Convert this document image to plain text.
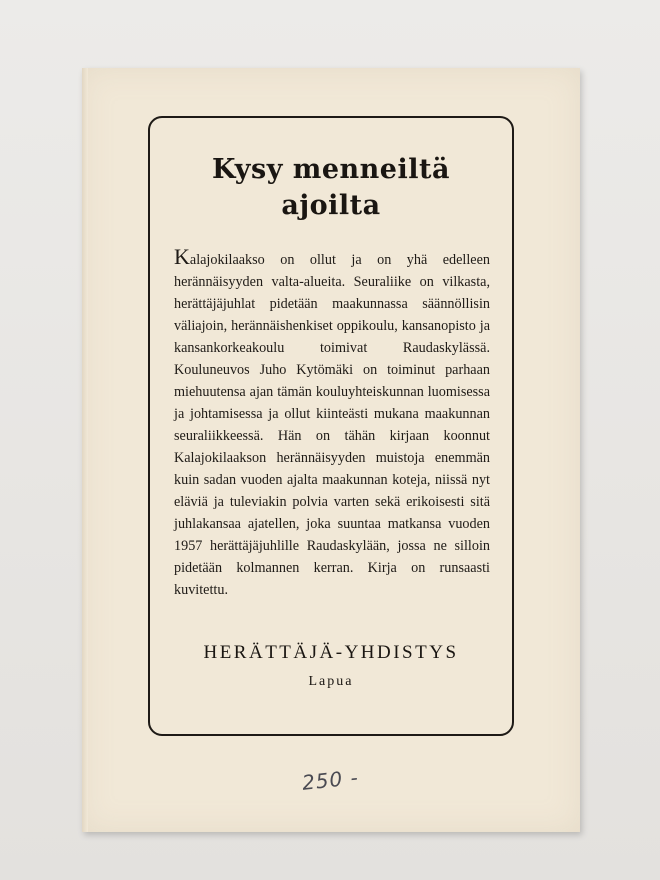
Kysy menneiltä
ajoilta

Kalajokilaakso on ollut ja on yhä edelleen herännäisyyden valta-alueita. Seuraliike on vilkasta, herättäjäjuhlat pidetään maakunnassa säännöllisin väliajoin, herännäishenkiset oppikoulu, kansanopisto ja kansankorkeakoulu toimivat Raudaskylässä. Kouluneuvos Juho Kytömäki on toiminut parhaan miehuutensa ajan tämän kouluyhteiskunnan luomisessa ja johtamisessa ja ollut kiinteästi mukana maakunnan seuraliikkeessä. Hän on tähän kirjaan koonnut Kalajokilaakson herännäisyyden muistoja enemmän kuin sadan vuoden ajalta maakunnan koteja, niissä nyt eläviä ja tuleviakin polvia varten sekä erikoisesti sitä juhlakansaa ajatellen, joka suuntaa matkansa vuoden 1957 herättäjäjuhlille Raudaskylään, jossa ne silloin pidetään kolmannen kerran. Kirja on runsaasti kuvitettu.

HERÄTTÄJÄ-YHDISTYS
Lapua
250 -
